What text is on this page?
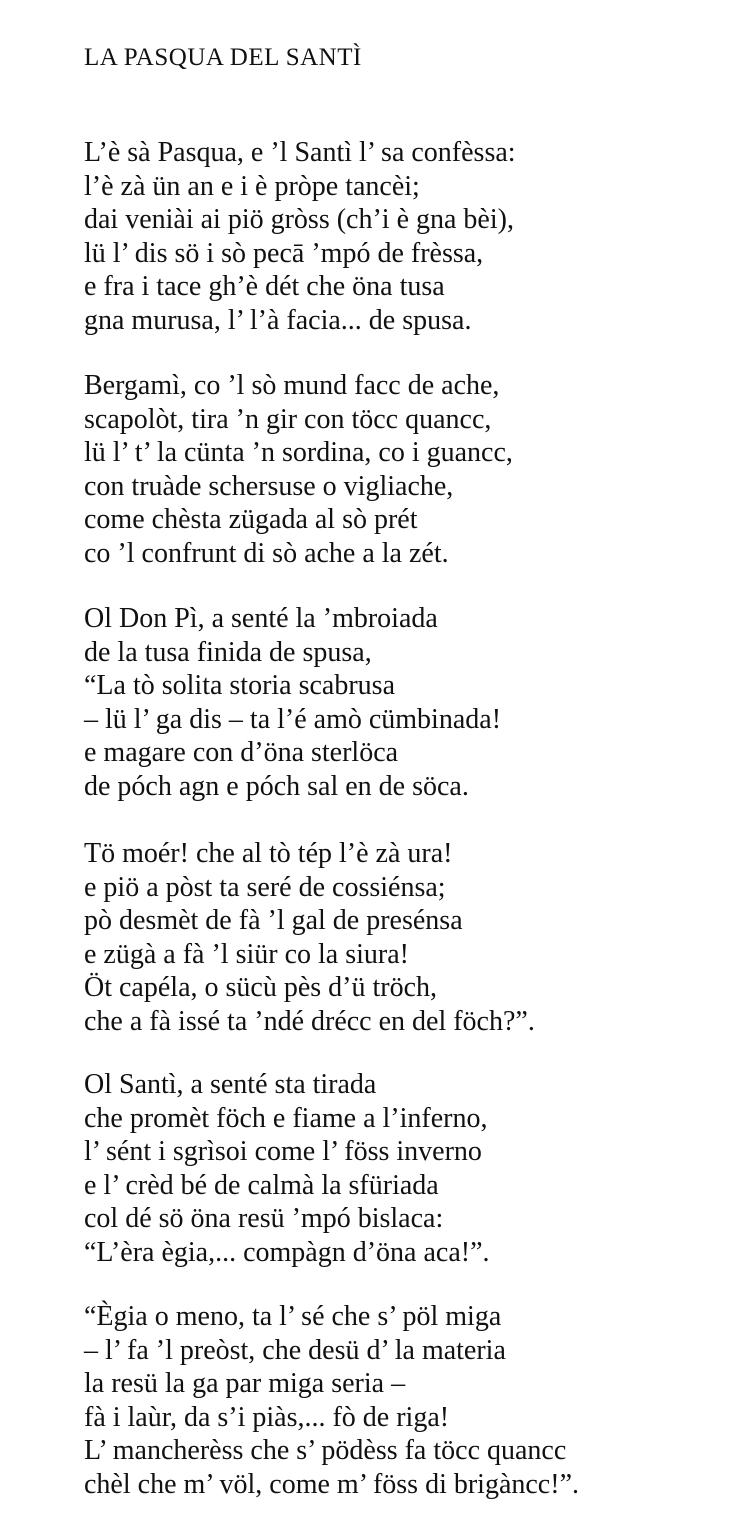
LA PASQUA DEL SANTÌ
L’è sà Pasqua, e ’l Santì l’ sa confèssa:
l’è zà ün an e i è pròpe tancèi;
dai veniài ai piö gròss (ch’i è gna bèi),
lü l’ dis sö i sò pecā ’mpó de frèssa,
e fra i tace gh’è dét che öna tusa
gna murusa, l’ l’à facia... de spusa.
Bergamì, co ’l sò mund facc de ache,
scapolòt, tira ’n gir con töcc quancc,
lü l’ t’ la cünta ’n sordina, co i guancc,
con truàde schersuse o vigliache,
come chèsta zügada al sò prét
co ’l confrunt di sò ache a la zét.
Ol Don Pì, a senté la ’mbroiada
de la tusa finida de spusa,
“La tò solita storia scabrusa
– lü l’ ga dis – ta l’é amò cümbinada!
e magare con d’öna sterlöca
de póch agn e póch sal en de söca.
Tö moér! che al tò tép l’è zà ura!
e piö a pòst ta seré de cossiénsa;
pò desmèt de fà ’l gal de presénsa
e zügà a fà ’l siür co la siura!
Öt capéla, o sücù pès d’ü tröch,
che a fà issé ta ’ndé drécc en del föch?”.
Ol Santì, a senté sta tirada
che promèt föch e fiame a l’inferno,
l’ sént i sgrìsoi come l’ föss inverno
e l’ crèd bé de calmà la sfüriada
col dé sö öna resü ’mpó bislaca:
“L’èra ègia,... compàgn d’öna aca!”.
“Ègia o meno, ta l’ sé che s’ pöl miga
– l’ fa ’l preòst, che desü d’ la materia
la resü la ga par miga seria –
fà i laùr, da s’i piàs,... fò de riga!
L’ mancherèss che s’ pödèss fa töcc quancc
chèl che m’ völ, come m’ föss di brigàncc!”.
